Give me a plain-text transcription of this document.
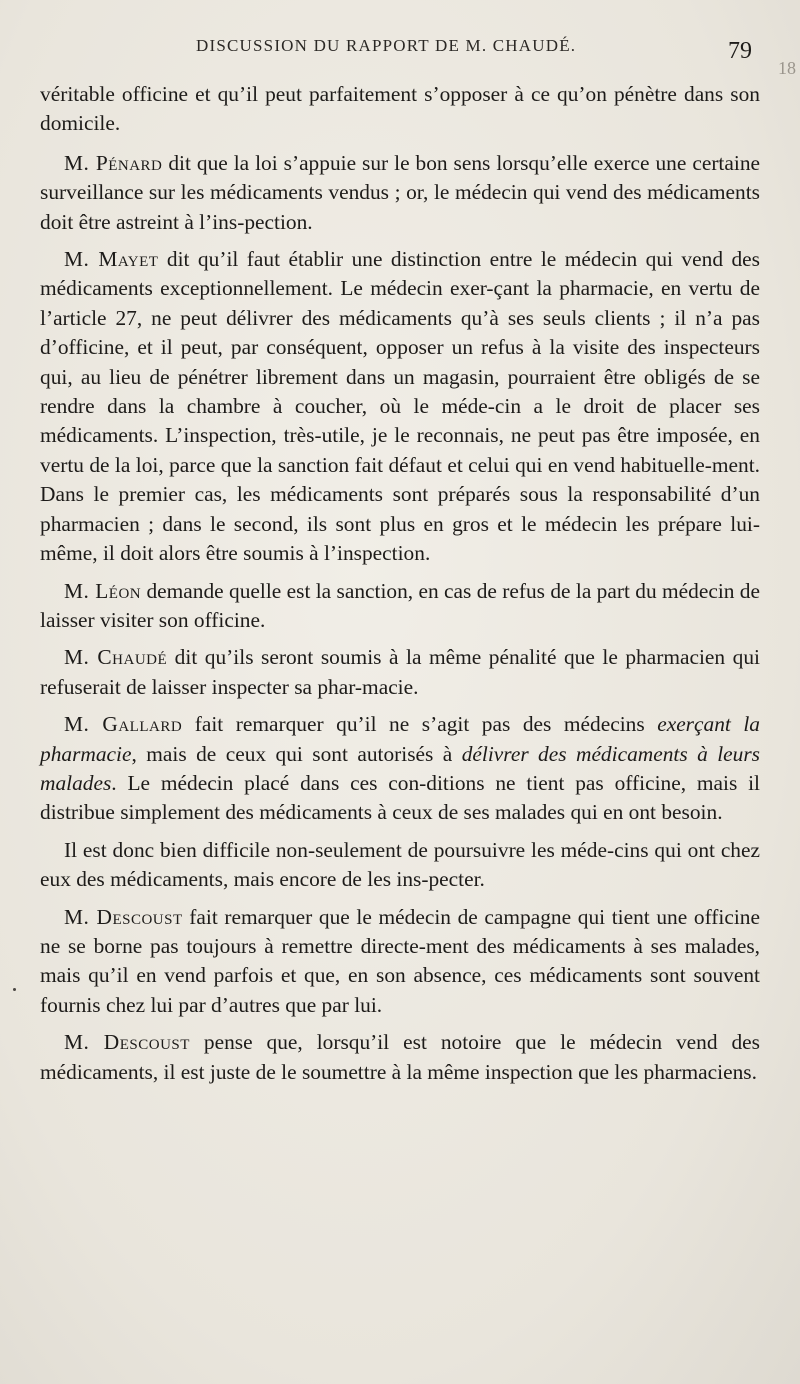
DISCUSSION DU RAPPORT DE M. CHAUDÉ.	79
18

véritable officine et qu’il peut parfaitement s’opposer à ce qu’on pénètre dans son domicile.

M. Pénard dit que la loi s’appuie sur le bon sens lorsqu’elle exerce une certaine surveillance sur les médicaments vendus ; or, le médecin qui vend des médicaments doit être astreint à l’ins-pection.

M. Mayet dit qu’il faut établir une distinction entre le médecin qui vend des médicaments exceptionnellement. Le médecin exer-çant la pharmacie, en vertu de l’article 27, ne peut délivrer des médicaments qu’à ses seuls clients ; il n’a pas d’officine, et il peut, par conséquent, opposer un refus à la visite des inspecteurs qui, au lieu de pénétrer librement dans un magasin, pourraient être obligés de se rendre dans la chambre à coucher, où le méde-cin a le droit de placer ses médicaments. L’inspection, très-utile, je le reconnais, ne peut pas être imposée, en vertu de la loi, parce que la sanction fait défaut et celui qui en vend habituelle-ment. Dans le premier cas, les médicaments sont préparés sous la responsabilité d’un pharmacien ; dans le second, ils sont plus en gros et le médecin les prépare lui-même, il doit alors être soumis à l’inspection.

M. Léon demande quelle est la sanction, en cas de refus de la part du médecin de laisser visiter son officine.

M. Chaudé dit qu’ils seront soumis à la même pénalité que le pharmacien qui refuserait de laisser inspecter sa phar-macie.

M. Gallard fait remarquer qu’il ne s’agit pas des médecins exerçant la pharmacie, mais de ceux qui sont autorisés à délivrer des médicaments à leurs malades. Le médecin placé dans ces con-ditions ne tient pas officine, mais il distribue simplement des médicaments à ceux de ses malades qui en ont besoin.

Il est donc bien difficile non-seulement de poursuivre les méde-cins qui ont chez eux des médicaments, mais encore de les ins-pecter.

M. Descoust fait remarquer que le médecin de campagne qui tient une officine ne se borne pas toujours à remettre directe-ment des médicaments à ses malades, mais qu’il en vend parfois et que, en son absence, ces médicaments sont souvent fournis chez lui par d’autres que par lui.

M. Descoust pense que, lorsqu’il est notoire que le médecin vend des médicaments, il est juste de le soumettre à la même inspection que les pharmaciens.
